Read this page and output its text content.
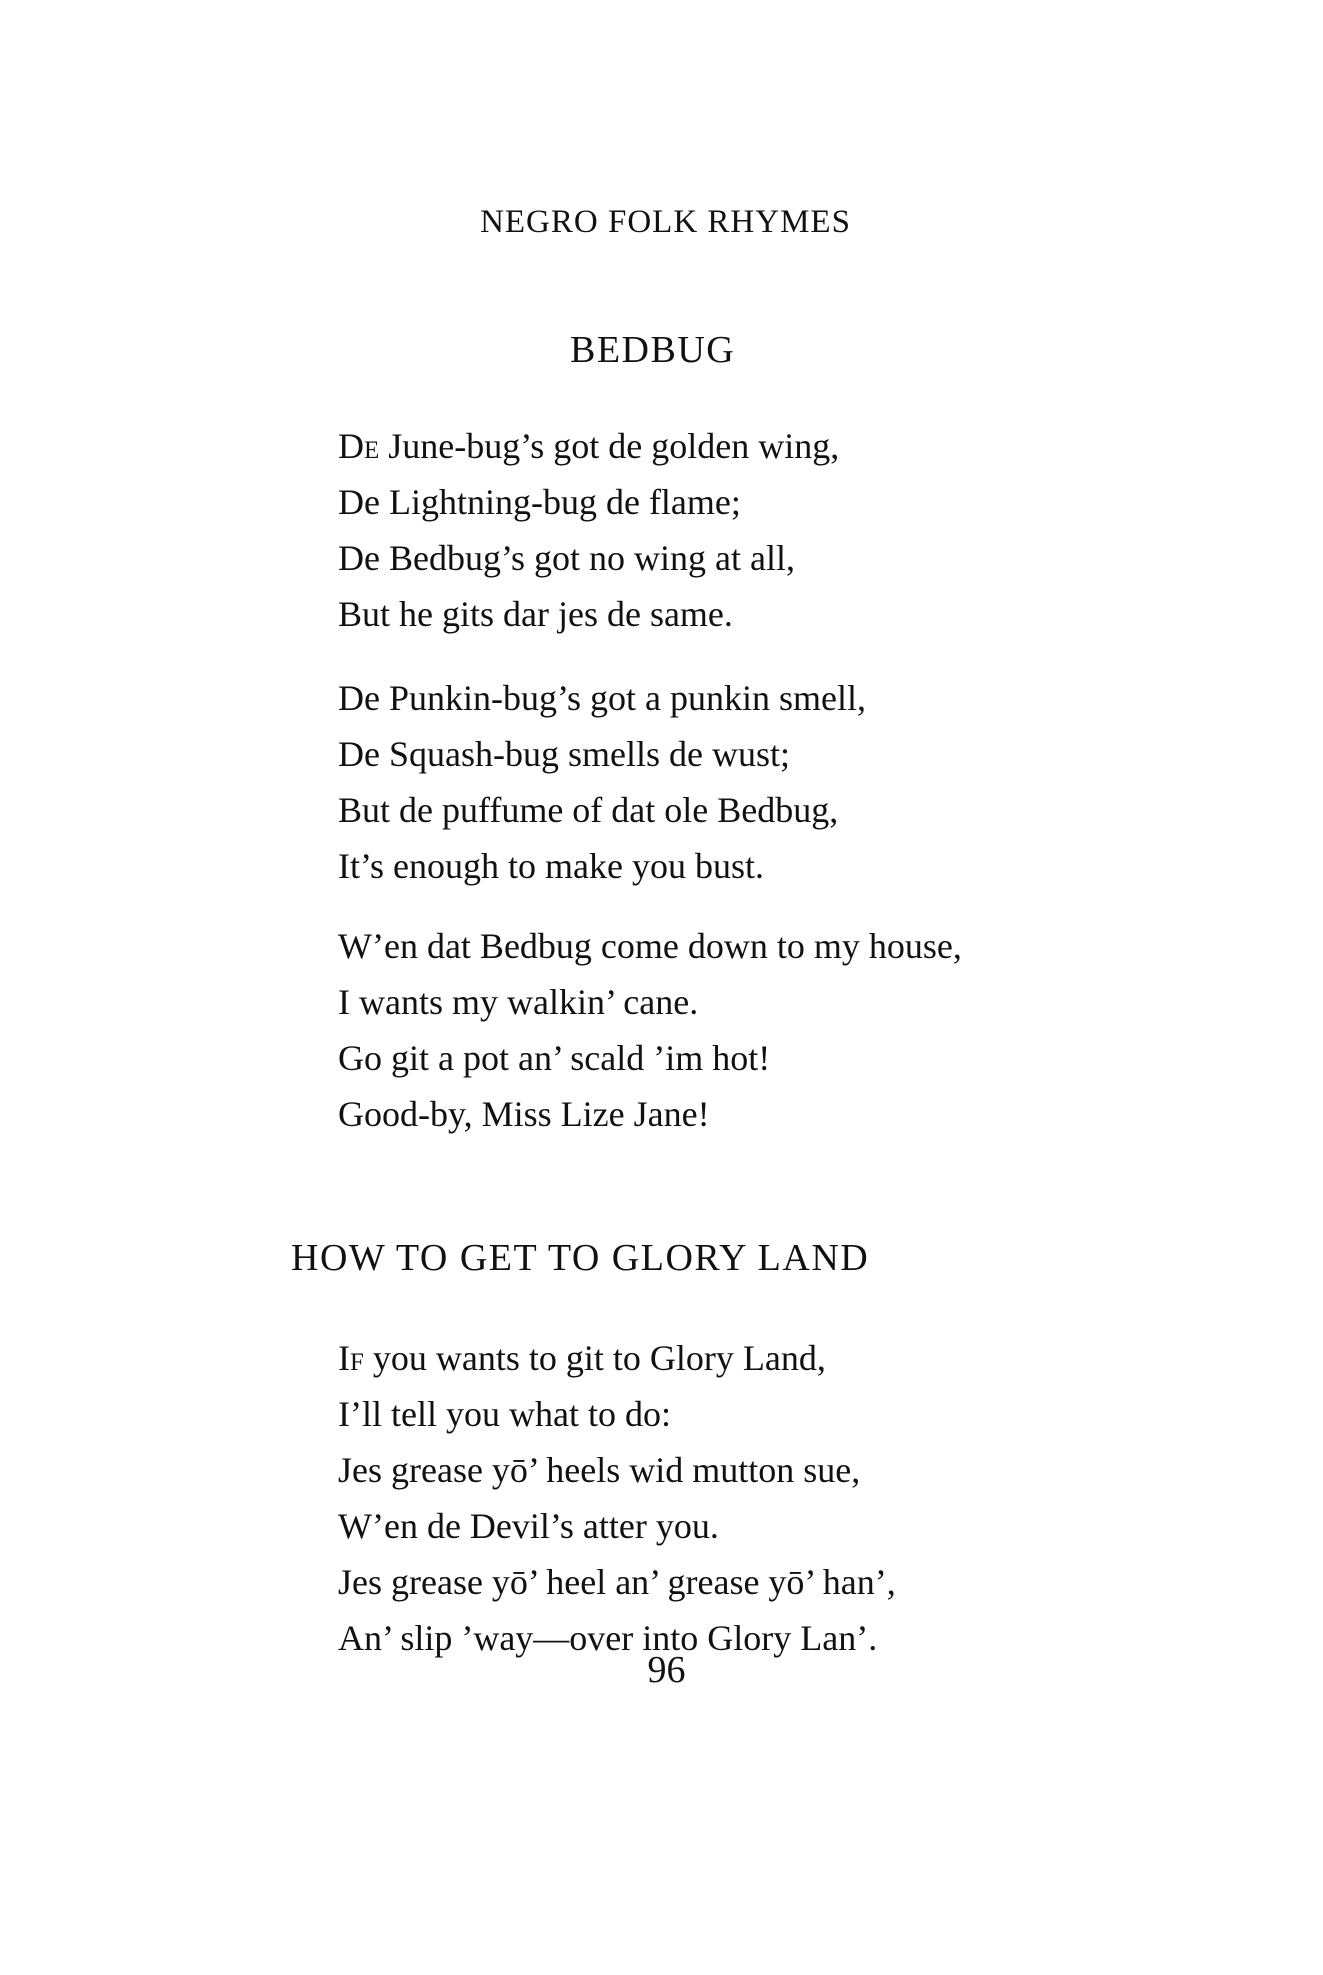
NEGRO FOLK RHYMES
BEDBUG

De June-bug’s got de golden wing,
De Lightning-bug de flame;
De Bedbug’s got no wing at all,
But he gits dar jes de same.

De Punkin-bug’s got a punkin smell,
De Squash-bug smells de wust;
But de puffume of dat ole Bedbug,
It’s enough to make you bust.

W’en dat Bedbug come down to my house,
I wants my walkin’ cane.
Go git a pot an’ scald ’im hot!
Good-by, Miss Lize Jane!

HOW TO GET TO GLORY LAND

If you wants to git to Glory Land,
I’ll tell you what to do:
Jes grease yō’ heels wid mutton sue,
W’en de Devil’s atter you.
Jes grease yō’ heel an’ grease yō’ han’,
An’ slip ’way—over into Glory Lan’.

96
